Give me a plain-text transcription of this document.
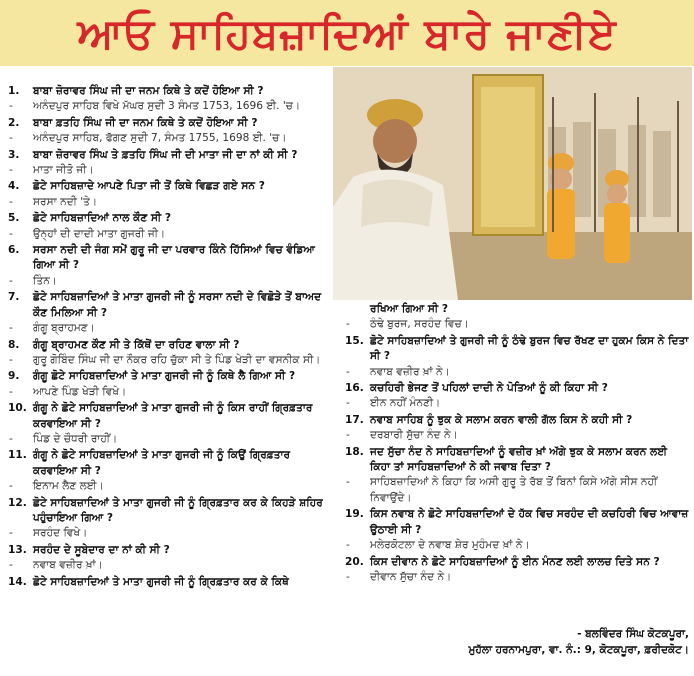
ਆਓ ਸਾਹਿਬਜ਼ਾਦਿਆਂ ਬਾਰੇ ਜਾਣੀਏ
1.	ਬਾਬਾ ਜ਼ੋਰਾਵਰ ਸਿੰਘ ਜੀ ਦਾ ਜਨਮ ਕਿਥੇ ਤੇ ਕਦੋਂ ਹੋਇਆ ਸੀ ?
-	ਅਨੰਦਪੁਰ ਸਾਹਿਬ ਵਿਖੇ ਮੱਘਰ ਸੁਦੀ 3 ਸੰਮਤ 1753, 1696 ਈ. 'ਚ।
2.	ਬਾਬਾ ਫ਼ਤਹਿ ਸਿੰਘ ਜੀ ਦਾ ਜਨਮ ਕਿਥੇ ਤੇ ਕਦੋਂ ਹੋਇਆ ਸੀ ?
-	ਅਨੰਦਪੁਰ ਸਾਹਿਬ, ਫੱਗਣ ਸੁਦੀ 7, ਸੰਮਤ 1755, 1698 ਈ. 'ਚ।
3.	ਬਾਬਾ ਜ਼ੋਰਾਵਰ ਸਿੰਘ ਤੇ ਫ਼ਤਹਿ ਸਿੰਘ ਜੀ ਦੀ ਮਾਤਾ ਜੀ ਦਾ ਨਾਂ ਕੀ ਸੀ ?
-	ਮਾਤਾ ਜੀਤੋ ਜੀ।
4.	ਛੋਟੇ ਸਾਹਿਬਜ਼ਾਦੇ ਆਪਣੇ ਪਿਤਾ ਜੀ ਤੋਂ ਕਿਥੇ ਵਿਛੜ ਗਏ ਸਨ ?
-	ਸਰਸਾ ਨਦੀ 'ਤੇ।
5.	ਛੋਟੇ ਸਾਹਿਬਜ਼ਾਦਿਆਂ ਨਾਲ ਕੌਣ ਸੀ ?
-	ਉਨ੍ਹਾਂ ਦੀ ਦਾਦੀ ਮਾਤਾ ਗੁਜਰੀ ਜੀ।
6.	ਸਰਸਾ ਨਦੀ ਦੀ ਜੰਗ ਸਮੇਂ ਗੁਰੂ ਜੀ ਦਾ ਪਰਵਾਰ ਕਿੰਨੇ ਹਿੱਸਿਆਂ ਵਿਚ ਵੰਡਿਆ ਗਿਆ ਸੀ ?
-	ਤਿੰਨ।
7.	ਛੋਟੇ ਸਾਹਿਬਜ਼ਾਦਿਆਂ ਤੇ ਮਾਤਾ ਗੁਜਰੀ ਜੀ ਨੂੰ ਸਰਸਾ ਨਦੀ ਦੇ ਵਿਛੋੜੇ ਤੋਂ ਬਾਅਦ ਕੌਣ ਮਿਲਿਆ ਸੀ ?
-	ਗੰਗੂ ਬ੍ਰਾਹਮਣ।
8.	ਗੰਗੂ ਬ੍ਰਾਹਮਣ ਕੌਣ ਸੀ ਤੇ ਕਿੱਥੋਂ ਦਾ ਰਹਿਣ ਵਾਲਾ ਸੀ ?
-	ਗੁਰੂ ਗੋਬਿੰਦ ਸਿੰਘ ਜੀ ਦਾ ਨੌਕਰ ਰਹਿ ਚੁੱਕਾ ਸੀ ਤੇ ਪਿੰਡ ਖੇੜੀ ਦਾ ਵਸਨੀਕ ਸੀ।
9.	ਗੰਗੂ ਛੋਟੇ ਸਾਹਿਬਜ਼ਾਦਿਆਂ ਤੇ ਮਾਤਾ ਗੁਜਰੀ ਜੀ ਨੂੰ ਕਿਥੇ ਲੈ ਗਿਆ ਸੀ ?
-	ਆਪਣੇ ਪਿੰਡ ਖੇੜੀ ਵਿਖੇ।
10. ਗੰਗੂ ਨੇ ਛੋਟੇ ਸਾਹਿਬਜ਼ਾਦਿਆਂ ਤੇ ਮਾਤਾ ਗੁਜਰੀ ਜੀ ਨੂੰ ਕਿਸ ਰਾਹੀਂ ਗ੍ਰਿਫ਼ਤਾਰ ਕਰਵਾਇਆ ਸੀ ?
-	ਪਿੰਡ ਦੇ ਚੌਧਰੀ ਰਾਹੀਂ।
11. ਗੰਗੂ ਨੇ ਛੋਟੇ ਸਾਹਿਬਜ਼ਾਦਿਆਂ ਤੇ ਮਾਤਾ ਗੁਜਰੀ ਜੀ ਨੂੰ ਕਿਉਂ ਗ੍ਰਿਫ਼ਤਾਰ ਕਰਵਾਇਆ ਸੀ ?
-	ਇਨਾਮ ਲੈਣ ਲਈ।
12. ਛੋਟੇ ਸਾਹਿਬਜ਼ਾਦਿਆਂ ਤੇ ਮਾਤਾ ਗੁਜਰੀ ਜੀ ਨੂੰ ਗ੍ਰਿਫ਼ਤਾਰ ਕਰ ਕੇ ਕਿਹੜੇ ਸ਼ਹਿਰ ਪਹੁੰਚਾਇਆ ਗਿਆ ?
-	ਸਰਹੰਦ ਵਿਖੇ।
13. ਸਰਹੰਦ ਦੇ ਸੂਬੇਦਾਰ ਦਾ ਨਾਂ ਕੀ ਸੀ ?
-	ਨਵਾਬ ਵਜ਼ੀਰ ਖ਼ਾਂ।
14. ਛੋਟੇ ਸਾਹਿਬਜ਼ਾਦਿਆਂ ਤੇ ਮਾਤਾ ਗੁਜਰੀ ਜੀ ਨੂੰ ਗ੍ਰਿਫ਼ਤਾਰ ਕਰ ਕੇ ਕਿਥੇ
ਰਖਿਆ ਗਿਆ ਸੀ ?
-	ਠੰਢੇ ਬੁਰਜ, ਸਰਹੰਦ ਵਿਚ।
15. ਛੋਟੇ ਸਾਹਿਬਜ਼ਾਦਿਆਂ ਤੇ ਗੁਜਰੀ ਜੀ ਨੂੰ ਠੰਢੇ ਬੁਰਜ ਵਿਚ ਰੱਖਣ ਦਾ ਹੁਕਮ ਕਿਸ ਨੇ ਦਿਤਾ ਸੀ ?
-	ਨਵਾਬ ਵਜ਼ੀਰ ਖ਼ਾਂ ਨੇ।
16. ਕਚਹਿਰੀ ਭੇਜਣ ਤੋਂ ਪਹਿਲਾਂ ਦਾਦੀ ਨੇ ਪੋਤਿਆਂ ਨੂੰ ਕੀ ਕਿਹਾ ਸੀ ?
-	ਈਨ ਨਹੀਂ ਮੰਨਣੀ।
17. ਨਵਾਬ ਸਾਹਿਬ ਨੂੰ ਝੁਕ ਕੇ ਸਲਾਮ ਕਰਨ ਵਾਲੀ ਗੱਲ ਕਿਸ ਨੇ ਕਹੀ ਸੀ ?
-	ਦਰਬਾਰੀ ਸੁੱਚਾ ਨੰਦ ਨੇ।
18. ਜਦ ਸੁੱਚਾ ਨੰਦ ਨੇ ਸਾਹਿਬਜ਼ਾਦਿਆਂ ਨੂੰ ਵਜ਼ੀਰ ਖ਼ਾਂ ਅੱਗੇ ਝੁਕ ਕੇ ਸਲਾਮ ਕਰਨ ਲਈ ਕਿਹਾ ਤਾਂ ਸਾਹਿਬਜ਼ਾਦਿਆਂ ਨੇ ਕੀ ਜਵਾਬ ਦਿਤਾ ?
-	ਸਾਹਿਬਜ਼ਾਦਿਆਂ ਨੇ ਕਿਹਾ ਕਿ ਅਸੀ ਗੁਰੂ ਤੇ ਰੱਬ ਤੋਂ ਬਿਨਾਂ ਕਿਸੇ ਅੱਗੇ ਸੀਸ ਨਹੀਂ ਨਿਵਾਉਂਦੇ।
19. ਕਿਸ ਨਵਾਬ ਨੇ ਛੋਟੇ ਸਾਹਿਬਜ਼ਾਦਿਆਂ ਦੇ ਹੱਕ ਵਿਚ ਸਰਹੰਦ ਦੀ ਕਚਹਿਰੀ ਵਿਚ ਆਵਾਜ਼ ਉਠਾਈ ਸੀ ?
-	ਮਲੇਰਕੋਟਲਾ ਦੇ ਨਵਾਬ ਸ਼ੇਰ ਮੁਹੰਮਦ ਖ਼ਾਂ ਨੇ।
20. ਕਿਸ ਦੀਵਾਨ ਨੇ ਛੋਟੇ ਸਾਹਿਬਜ਼ਾਦਿਆਂ ਨੂੰ ਈਨ ਮੰਨਣ ਲਈ ਲਾਲਚ ਦਿਤੇ ਸਨ ?
-	ਦੀਵਾਨ ਸੁੱਚਾ ਨੰਦ ਨੇ।
- ਬਲਵਿੰਦਰ ਸਿੰਘ ਕੋਟਕਪੂਰਾ,
ਮੁਹੱਲਾ ਹਰਨਾਮਪੁਰਾ, ਵਾ. ਨੰ.: 9, ਕੋਟਕਪੂਰਾ, ਫ਼ਰੀਦਕੋਟ।
